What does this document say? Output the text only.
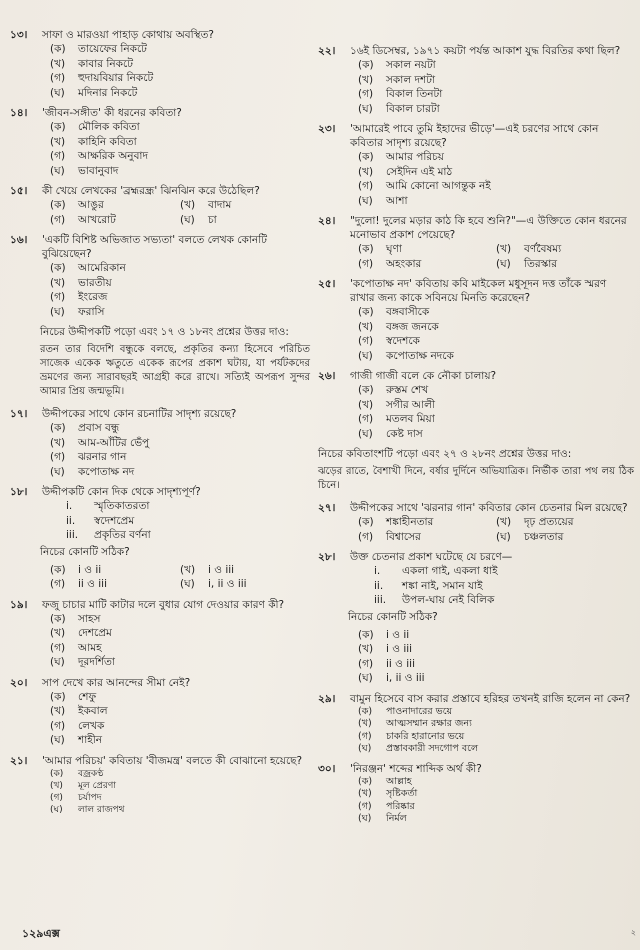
১৩।	সাফা ও মারওয়া পাহাড় কোথায় অবস্থিত?
(ক) তায়েফের নিকটে
(খ) কাবার নিকটে
(গ) হুদায়বিয়ার নিকটে
(ঘ) মদিনার নিকটে
১৪।	'জীবন-সঙ্গীত' কী ধরনের কবিতা?
(ক) মৌলিক কবিতা
(খ) কাহিনি কবিতা
(গ) আক্ষরিক অনুবাদ
(ঘ) ভাবানুবাদ
১৫।	কী খেয়ে লেখকের 'ব্রহ্মরন্ধ্র' ঝিনঝিন করে উঠেছিল?
(ক) আঙুর	(খ) বাদাম
(গ) আখরোট	(ঘ) চা
১৬।	'একটি বিশিষ্ট অভিজাত সভ্যতা' বলতে লেখক কোনটি বুঝিয়েছেন?
(ক) আমেরিকান
(খ) ভারতীয়
(গ) ইংরেজ
(ঘ) ফরাসি
নিচের উদ্দীপকটি পড়ো এবং ১৭ ও ১৮নং প্রশ্নের উত্তর দাও:
রতন তার বিদেশি বন্ধুকে বলছে, প্রকৃতির কন্যা হিসেবে পরিচিত সাজেক একেক ঋতুতে একেক রূপের প্রকাশ ঘটায়, যা পর্যটকদের ভ্রমণের জন্য সারাবছরই আগ্রহী করে রাখে। সত্যিই অপরূপ সুন্দর আমার প্রিয় জন্মভূমি।
১৭।	উদ্দীপকের সাথে কোন রচনাটির সাদৃশ্য রয়েছে?
(ক) প্রবাস বন্ধু
(খ) আম-আঁটির ভেঁপু
(গ) ঝরনার গান
(ঘ) কপোতাক্ষ নদ
১৮।	উদ্দীপকটি কোন দিক থেকে সাদৃশ্যপূর্ণ?
i. স্মৃতিকাতরতা
ii. স্বদেশপ্রেম
iii. প্রকৃতির বর্ণনা
নিচের কোনটি সঠিক?
(ক) i ও ii	(খ) i ও iii
(গ) ii ও iii	(ঘ) i, ii ও iii
১৯।	ফজু চাচার মাটি কাটার দলে বুধার যোগ দেওয়ার কারণ কী?
(ক) সাহস
(খ) দেশপ্রেম
(গ) আমহ
(ঘ) দূরদর্শিতা
২০।	সাপ দেখে কার আনন্দের সীমা নেই?
(ক) শেফু
(খ) ইকবাল
(গ) লেখক
(ঘ) শাহীন
২১।	'আমার পরিচয়' কবিতায় 'বীজমন্ত্র' বলতে কী বোঝানো হয়েছে?
(ক) বজ্রকণ্ঠ
(খ) মূল প্রেরণা
(গ) চর্যাপদ
(ঘ) লাল রাজপথ
২২।	১৬ই ডিসেম্বর, ১৯৭১ কয়টা পর্যন্ত আকাশ যুদ্ধ বিরতির কথা ছিল?
(ক) সকাল নয়টা
(খ) সকাল দশটা
(গ) বিকাল তিনটা
(ঘ) বিকাল চারটা
২৩।	'আমারেই পাবে তুমি ইহাদের ভীড়ে'—এই চরণের সাথে কোন কবিতার সাদৃশ্য রয়েছে?
(ক) আমার পরিচয়
(খ) সেইদিন এই মাঠ
(গ) আমি কোনো আগন্তুক নই
(ঘ) আশা
২৪।	"দুলো! দুলের মড়ার কাঠ কি হবে শুনি?"—এ উক্তিতে কোন ধরনের মনোভাব প্রকাশ পেয়েছে?
(ক) ঘৃণা	(খ) বর্ণবৈষম্য
(গ) অহংকার	(ঘ) তিরস্কার
২৫।	'কপোতাক্ষ নদ' কবিতায় কবি মাইকেল মধুসূদন দত্ত তাঁকে স্মরণ রাখার জন্য কাকে সবিনয়ে মিনতি করেছেন?
(ক) বঙ্গবাসীকে
(খ) বঙ্গজ জনকে
(গ) স্বদেশকে
(ঘ) কপোতাক্ষ নদকে
২৬।	গাজী গাজী বলে কে নৌকা চালায়?
(ক) রুস্তম শেখ
(খ) সগীর আলী
(গ) মতলব মিয়া
(ঘ) কেষ্ট দাস
নিচের কবিতাংশটি পড়ো এবং ২৭ ও ২৮নং প্রশ্নের উত্তর দাও:
ঝড়ের রাতে, বৈশাখী দিনে, বর্ষার দুর্দিনে অভিযাত্রিক। নির্ভীক তারা পথ লয় ঠিক চিনে।
২৭।	উদ্দীপকের সাথে 'ঝরনার গান' কবিতার কোন চেতনার মিল রয়েছে?
(ক) শঙ্কাহীনতার	(খ) দৃঢ় প্রত্যয়ের
(গ) বিশ্বাসের	(ঘ) চঞ্চলতার
২৮।	উক্ত চেতনার প্রকাশ ঘটেছে যে চরণে—
i. একলা গাই, একলা ধাই
ii. শঙ্কা নাই, সমান যাই
iii. উপল-ঘায় নেই বিলিক
নিচের কোনটি সঠিক?
(ক) i ও ii
(খ) i ও iii
(গ) ii ও iii
(ঘ) i, ii ও iii
২৯।	বামুন হিসেবে বাস করার প্রস্তাবে হরিহর তখনই রাজি হলেন না কেন?
(ক) পাওনাদারের ভয়ে
(খ) আত্মসম্মান রক্ষার জন্য
(গ) চাকরি হারানোর ভয়ে
(ঘ) প্রস্তাবকারী সদগোপ বলে
৩০।	'নিরঞ্জন' শব্দের শাব্দিক অর্থ কী?
(ক) আল্লাহ
(খ) সৃষ্টিকর্তা
(গ) পরিষ্কার
(ঘ) নির্মল
১২৯এক্স	২
